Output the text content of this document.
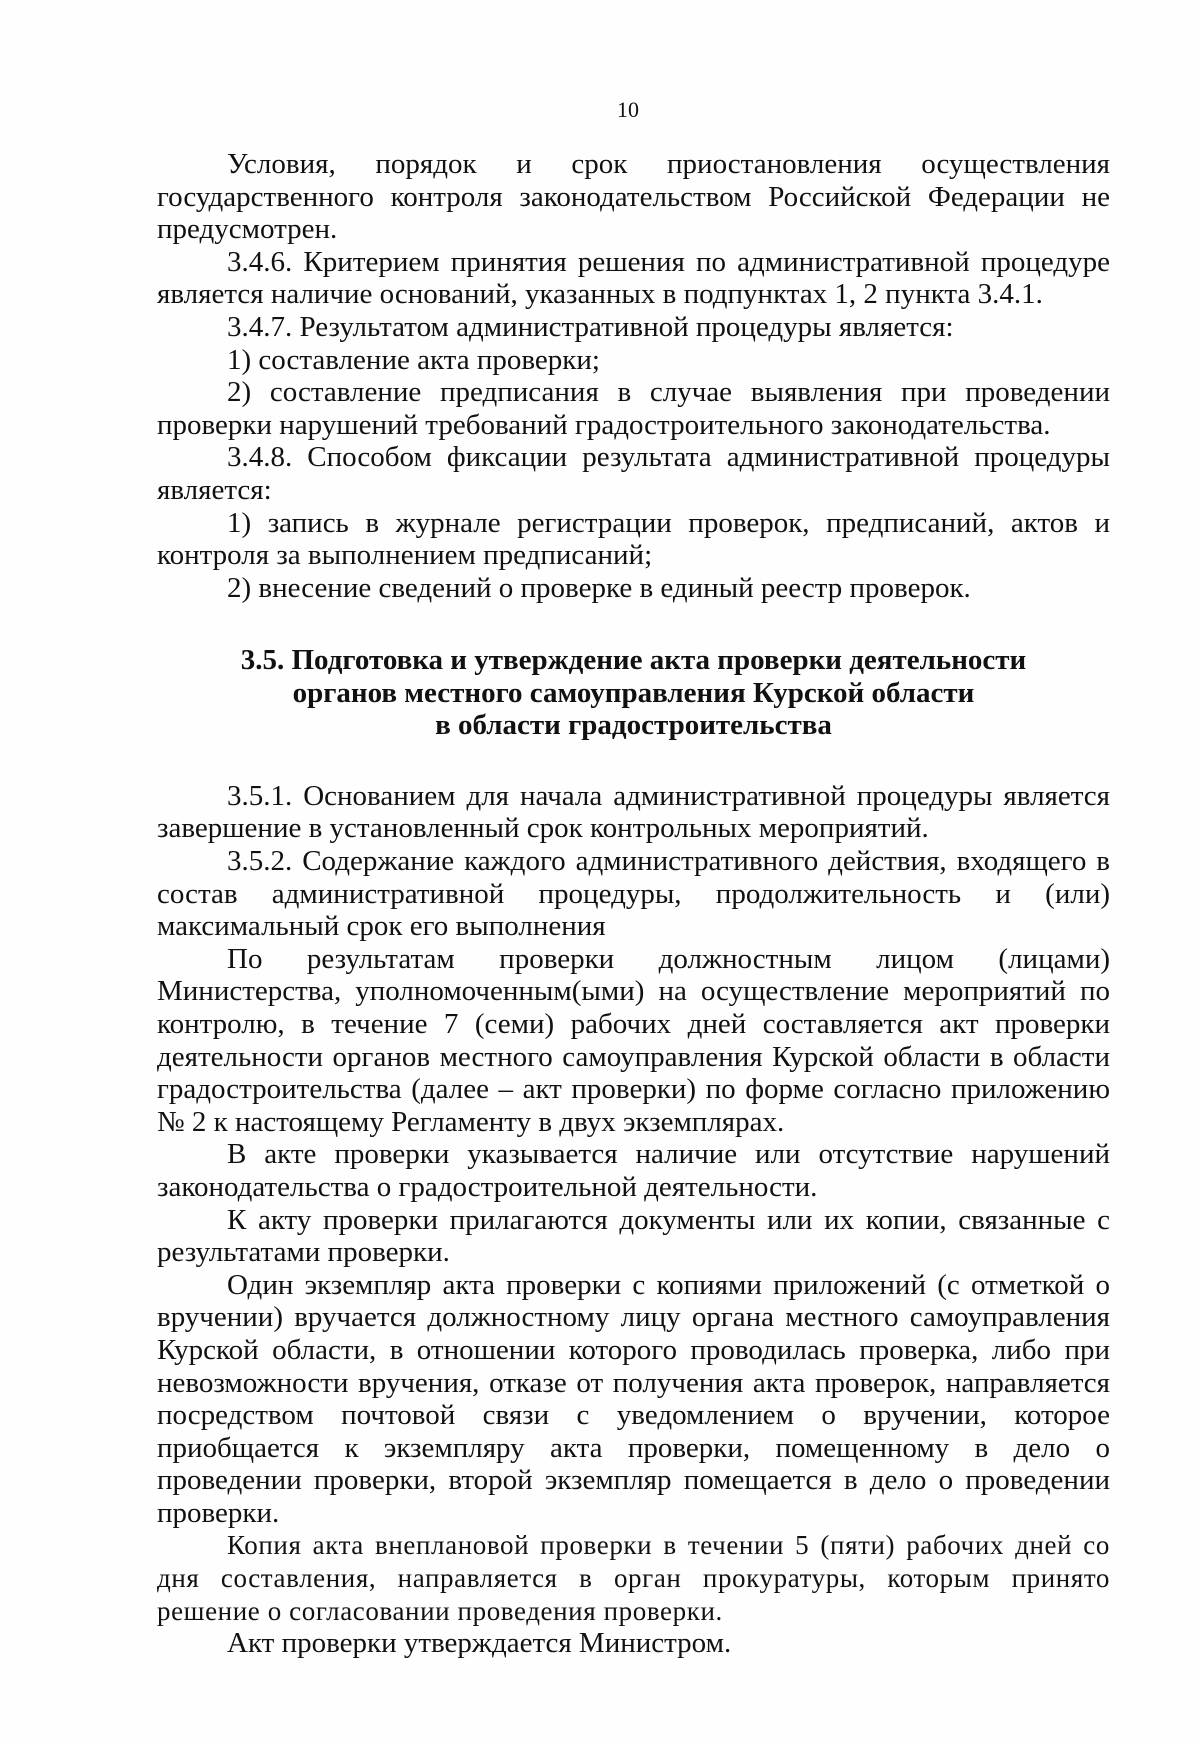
10

Условия, порядок и срок приостановления осуществления государственного контроля законодательством Российской Федерации не предусмотрен.

3.4.6. Критерием принятия решения по административной процедуре является наличие оснований, указанных в подпунктах 1, 2 пункта 3.4.1.

3.4.7. Результатом административной процедуры является:

1) составление акта проверки;

2) составление предписания в случае выявления при проведении проверки нарушений требований градостроительного законодательства.

3.4.8. Способом фиксации результата административной процедуры является:

1) запись в журнале регистрации проверок, предписаний, актов и контроля за выполнением предписаний;

2) внесение сведений о проверке в единый реестр проверок.

3.5. Подготовка и утверждение акта проверки деятельности
органов местного самоуправления Курской области
в области градостроительства

3.5.1. Основанием для начала административной процедуры является завершение в установленный срок контрольных мероприятий.

3.5.2. Содержание каждого административного действия, входящего в состав административной процедуры, продолжительность и (или) максимальный срок его выполнения

По результатам проверки должностным лицом (лицами) Министерства, уполномоченным(ыми) на осуществление мероприятий по контролю, в течение 7 (семи) рабочих дней составляется акт проверки деятельности органов местного самоуправления Курской области в области градостроительства (далее – акт проверки) по форме согласно приложению № 2 к настоящему Регламенту в двух экземплярах.

В акте проверки указывается наличие или отсутствие нарушений законодательства о градостроительной деятельности.

К акту проверки прилагаются документы или их копии, связанные с результатами проверки.

Один экземпляр акта проверки с копиями приложений (с отметкой о вручении) вручается должностному лицу органа местного самоуправления Курской области, в отношении которого проводилась проверка, либо при невозможности вручения, отказе от получения акта проверок, направляется посредством почтовой связи с уведомлением о вручении, которое приобщается к экземпляру акта проверки, помещенному в дело о проведении проверки, второй экземпляр помещается в дело о проведении проверки.

Копия акта внеплановой проверки в течении 5 (пяти) рабочих дней со дня составления, направляется в орган прокуратуры, которым принято решение о согласовании проведения проверки.

Акт проверки утверждается Министром.
